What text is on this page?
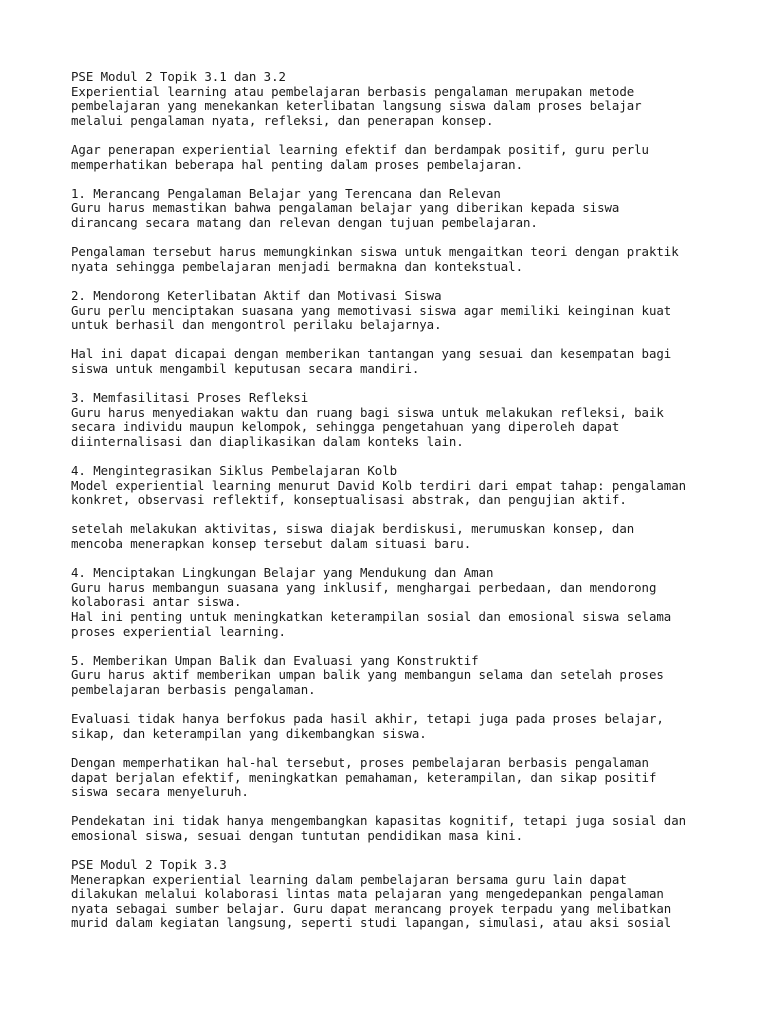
PSE Modul 2 Topik 3.1 dan 3.2
Experiential learning atau pembelajaran berbasis pengalaman merupakan metode
pembelajaran yang menekankan keterlibatan langsung siswa dalam proses belajar
melalui pengalaman nyata, refleksi, dan penerapan konsep.
Agar penerapan experiential learning efektif dan berdampak positif, guru perlu
memperhatikan beberapa hal penting dalam proses pembelajaran.
1. Merancang Pengalaman Belajar yang Terencana dan Relevan
Guru harus memastikan bahwa pengalaman belajar yang diberikan kepada siswa
dirancang secara matang dan relevan dengan tujuan pembelajaran.
Pengalaman tersebut harus memungkinkan siswa untuk mengaitkan teori dengan praktik
nyata sehingga pembelajaran menjadi bermakna dan kontekstual.
2. Mendorong Keterlibatan Aktif dan Motivasi Siswa
Guru perlu menciptakan suasana yang memotivasi siswa agar memiliki keinginan kuat
untuk berhasil dan mengontrol perilaku belajarnya.
Hal ini dapat dicapai dengan memberikan tantangan yang sesuai dan kesempatan bagi
siswa untuk mengambil keputusan secara mandiri.
3. Memfasilitasi Proses Refleksi
Guru harus menyediakan waktu dan ruang bagi siswa untuk melakukan refleksi, baik
secara individu maupun kelompok, sehingga pengetahuan yang diperoleh dapat
diinternalisasi dan diaplikasikan dalam konteks lain.
4. Mengintegrasikan Siklus Pembelajaran Kolb
Model experiential learning menurut David Kolb terdiri dari empat tahap: pengalaman
konkret, observasi reflektif, konseptualisasi abstrak, dan pengujian aktif.
setelah melakukan aktivitas, siswa diajak berdiskusi, merumuskan konsep, dan
mencoba menerapkan konsep tersebut dalam situasi baru.
4. Menciptakan Lingkungan Belajar yang Mendukung dan Aman
Guru harus membangun suasana yang inklusif, menghargai perbedaan, dan mendorong
kolaborasi antar siswa.
Hal ini penting untuk meningkatkan keterampilan sosial dan emosional siswa selama
proses experiential learning.
5. Memberikan Umpan Balik dan Evaluasi yang Konstruktif
Guru harus aktif memberikan umpan balik yang membangun selama dan setelah proses
pembelajaran berbasis pengalaman.
Evaluasi tidak hanya berfokus pada hasil akhir, tetapi juga pada proses belajar,
sikap, dan keterampilan yang dikembangkan siswa.
Dengan memperhatikan hal-hal tersebut, proses pembelajaran berbasis pengalaman
dapat berjalan efektif, meningkatkan pemahaman, keterampilan, dan sikap positif
siswa secara menyeluruh.
Pendekatan ini tidak hanya mengembangkan kapasitas kognitif, tetapi juga sosial dan
emosional siswa, sesuai dengan tuntutan pendidikan masa kini.
PSE Modul 2 Topik 3.3
Menerapkan experiential learning dalam pembelajaran bersama guru lain dapat
dilakukan melalui kolaborasi lintas mata pelajaran yang mengedepankan pengalaman
nyata sebagai sumber belajar. Guru dapat merancang proyek terpadu yang melibatkan
murid dalam kegiatan langsung, seperti studi lapangan, simulasi, atau aksi sosial
